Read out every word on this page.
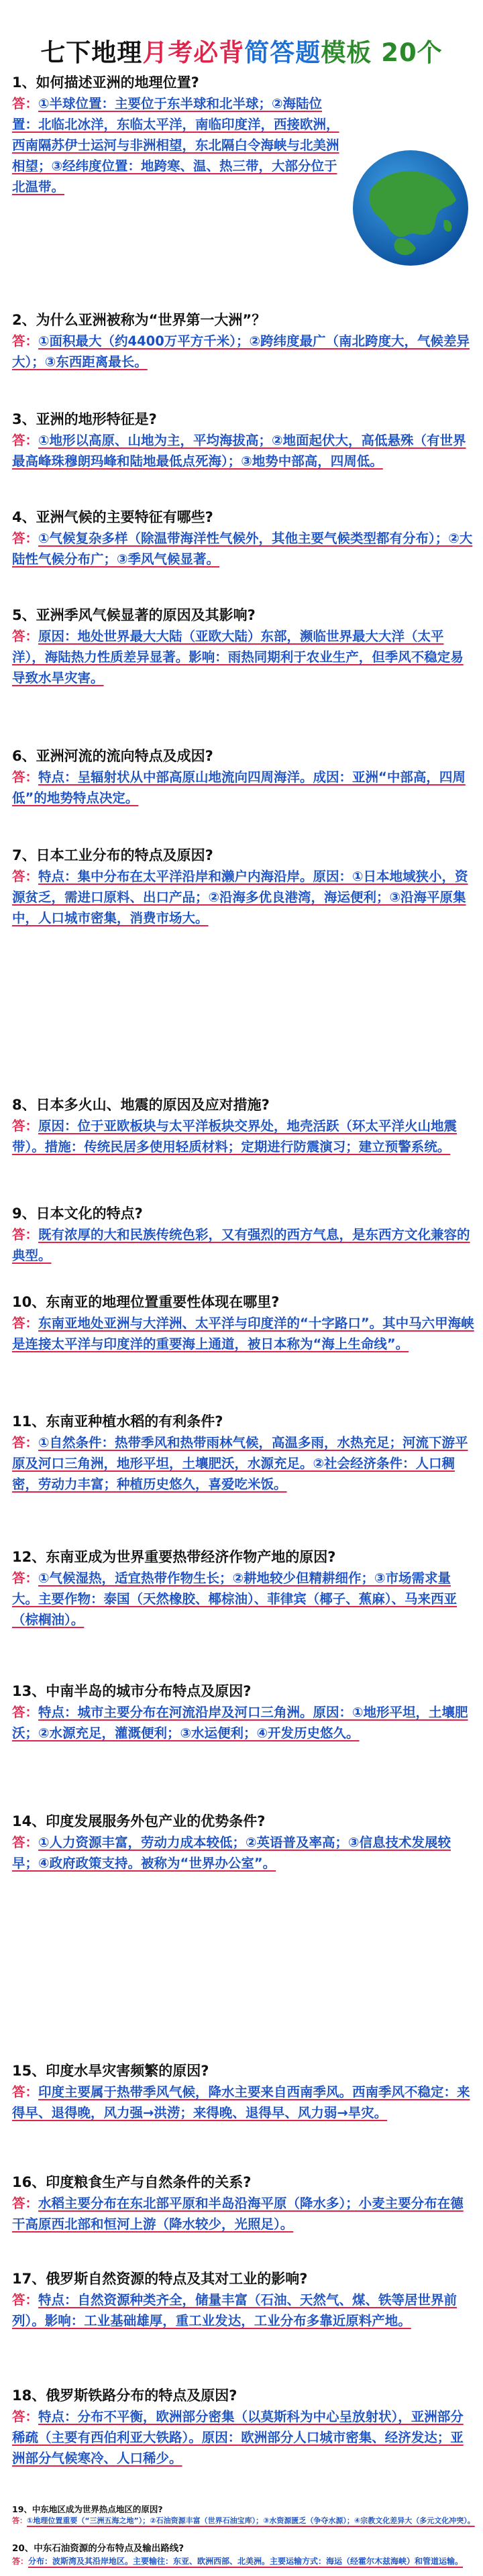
七下地理月考必背简答题模板 20个
1、如何描述亚洲的地理位置?
答：①半球位置：主要位于东半球和北半球；②海陆位置：北临北冰洋，东临太平洋，南临印度洋，西接欧洲，西南隔苏伊士运河与非洲相望，东北隔白令海峡与北美洲相望；③经纬度位置：地跨寒、温、热三带，大部分位于北温带。
2、为什么亚洲被称为“世界第一大洲”？
答：①面积最大（约4400万平方千米）；②跨纬度最广（南北跨度大，气候差异大）；③东西距离最长。
3、亚洲的地形特征是?
答：①地形以高原、山地为主，平均海拔高；②地面起伏大，高低悬殊（有世界最高峰珠穆朗玛峰和陆地最低点死海）；③地势中部高，四周低。
4、亚洲气候的主要特征有哪些?
答：①气候复杂多样（除温带海洋性气候外，其他主要气候类型都有分布）；②大陆性气候分布广；③季风气候显著。
5、亚洲季风气候显著的原因及其影响?
答：原因：地处世界最大大陆（亚欧大陆）东部，濒临世界最大大洋（太平洋），海陆热力性质差异显著。影响：雨热同期利于农业生产，但季风不稳定易导致水旱灾害。
6、亚洲河流的流向特点及成因?
答：特点：呈辐射状从中部高原山地流向四周海洋。成因：亚洲“中部高，四周低”的地势特点决定。
7、日本工业分布的特点及原因?
答：特点：集中分布在太平洋沿岸和濑户内海沿岸。原因：①日本地域狭小，资源贫乏，需进口原料、出口产品；②沿海多优良港湾，海运便利；③沿海平原集中，人口城市密集，消费市场大。
8、日本多火山、地震的原因及应对措施?
答：原因：位于亚欧板块与太平洋板块交界处，地壳活跃（环太平洋火山地震带）。措施：传统民居多使用轻质材料；定期进行防震演习；建立预警系统。
9、日本文化的特点?
答：既有浓厚的大和民族传统色彩，又有强烈的西方气息，是东西方文化兼容的典型。
10、东南亚的地理位置重要性体现在哪里?
答：东南亚地处亚洲与大洋洲、太平洋与印度洋的“十字路口”。其中马六甲海峡是连接太平洋与印度洋的重要海上通道，被日本称为“海上生命线”。
11、东南亚种植水稻的有利条件?
答：①自然条件：热带季风和热带雨林气候，高温多雨，水热充足；河流下游平原及河口三角洲，地形平坦，土壤肥沃，水源充足。②社会经济条件：人口稠密，劳动力丰富；种植历史悠久，喜爱吃米饭。
12、东南亚成为世界重要热带经济作物产地的原因?
答：①气候湿热，适宜热带作物生长；②耕地较少但精耕细作；③市场需求量大。主要作物：泰国（天然橡胶、椰棕油）、菲律宾（椰子、蕉麻）、马来西亚（棕榈油）。
13、中南半岛的城市分布特点及原因?
答：特点：城市主要分布在河流沿岸及河口三角洲。原因：①地形平坦，土壤肥沃；②水源充足，灌溉便利；③水运便利；④开发历史悠久。
14、印度发展服务外包产业的优势条件?
答：①人力资源丰富，劳动力成本较低；②英语普及率高；③信息技术发展较早；④政府政策支持。被称为“世界办公室”。
15、印度水旱灾害频繁的原因?
答：印度主要属于热带季风气候，降水主要来自西南季风。西南季风不稳定：来得早、退得晚，风力强→洪涝；来得晚、退得早、风力弱→旱灾。
16、印度粮食生产与自然条件的关系?
答：水稻主要分布在东北部平原和半岛沿海平原（降水多）；小麦主要分布在德干高原西北部和恒河上游（降水较少，光照足）。
17、俄罗斯自然资源的特点及其对工业的影响?
答：特点：自然资源种类齐全，储量丰富（石油、天然气、煤、铁等居世界前列）。影响：工业基础雄厚，重工业发达，工业分布多靠近原料产地。
18、俄罗斯铁路分布的特点及原因?
答：特点：分布不平衡，欧洲部分密集（以莫斯科为中心呈放射状），亚洲部分稀疏（主要有西伯利亚大铁路）。原因：欧洲部分人口城市密集、经济发达；亚洲部分气候寒冷、人口稀少。
19、中东地区成为世界热点地区的原因?
答：①地理位置重要（“三洲五海之地”）；②石油资源丰富（世界石油宝库）；③水资源匮乏（争夺水源）；④宗教文化差异大（多元文化冲突）。
20、中东石油资源的分布特点及输出路线?
答：分布：波斯湾及其沿岸地区。主要输往：东亚、欧洲西部、北美洲。主要运输方式：海运（经霍尔木兹海峡）和管道运输。
